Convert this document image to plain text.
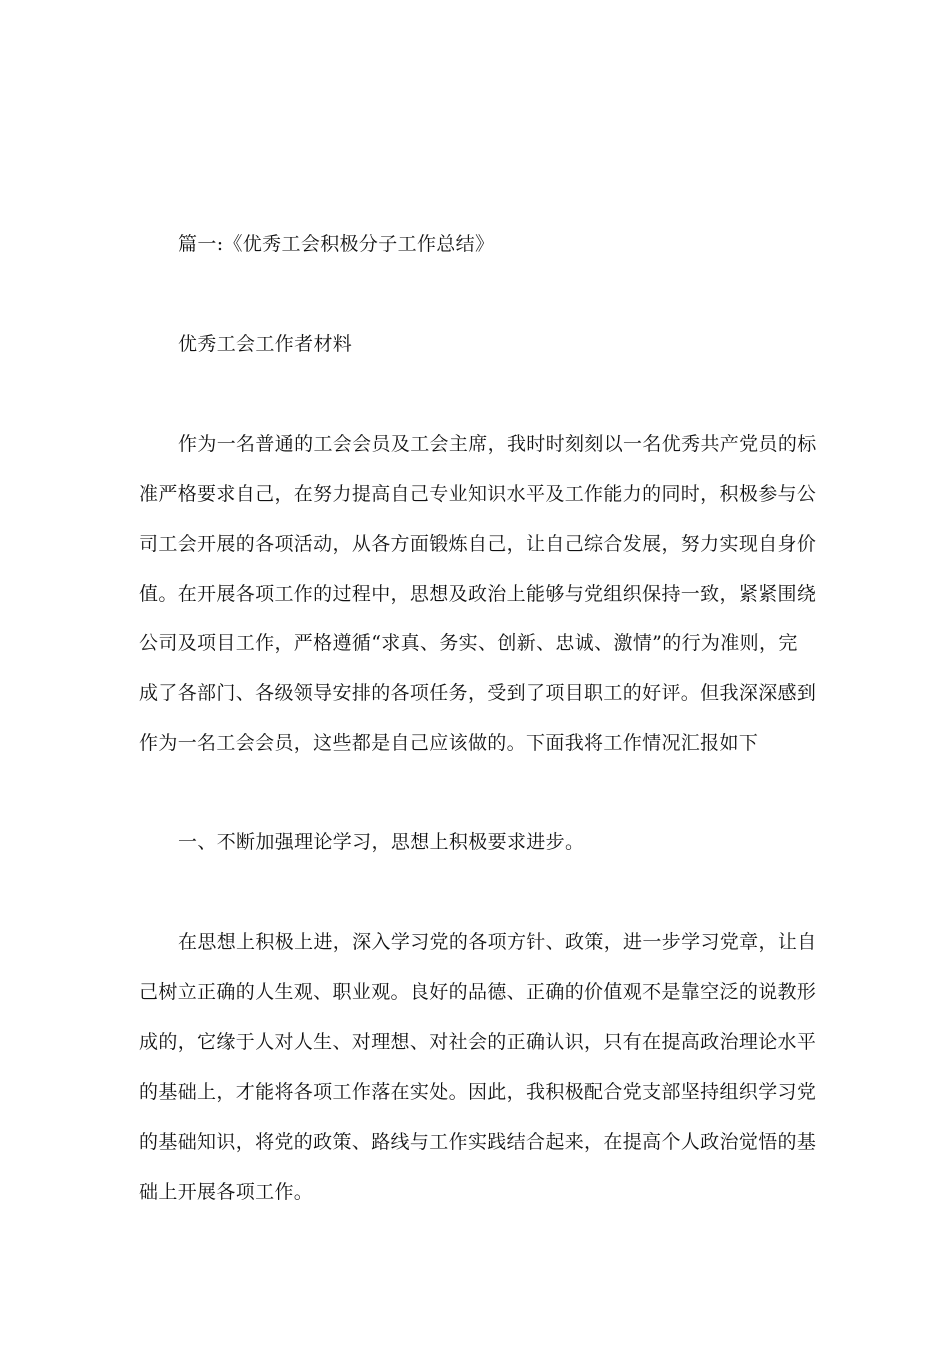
篇一:《优秀工会积极分子工作总结》
优秀工会工作者材料
作为一名普通的工会会员及工会主席，我时时刻刻以一名优秀共产党员的标
准严格要求自己，在努力提高自己专业知识水平及工作能力的同时，积极参与公
司工会开展的各项活动，从各方面锻炼自己，让自己综合发展，努力实现自身价
值。在开展各项工作的过程中，思想及政治上能够与党组织保持一致，紧紧围绕
公司及项目工作，严格遵循“求真、务实、创新、忠诚、激情”的行为准则，完
成了各部门、各级领导安排的各项任务，受到了项目职工的好评。但我深深感到
作为一名工会会员，这些都是自己应该做的。下面我将工作情况汇报如下
一、不断加强理论学习，思想上积极要求进步。
在思想上积极上进，深入学习党的各项方针、政策，进一步学习党章，让自
己树立正确的人生观、职业观。良好的品德、正确的价值观不是靠空泛的说教形
成的，它缘于人对人生、对理想、对社会的正确认识，只有在提高政治理论水平
的基础上，才能将各项工作落在实处。因此，我积极配合党支部坚持组织学习党
的基础知识，将党的政策、路线与工作实践结合起来，在提高个人政治觉悟的基
础上开展各项工作。
